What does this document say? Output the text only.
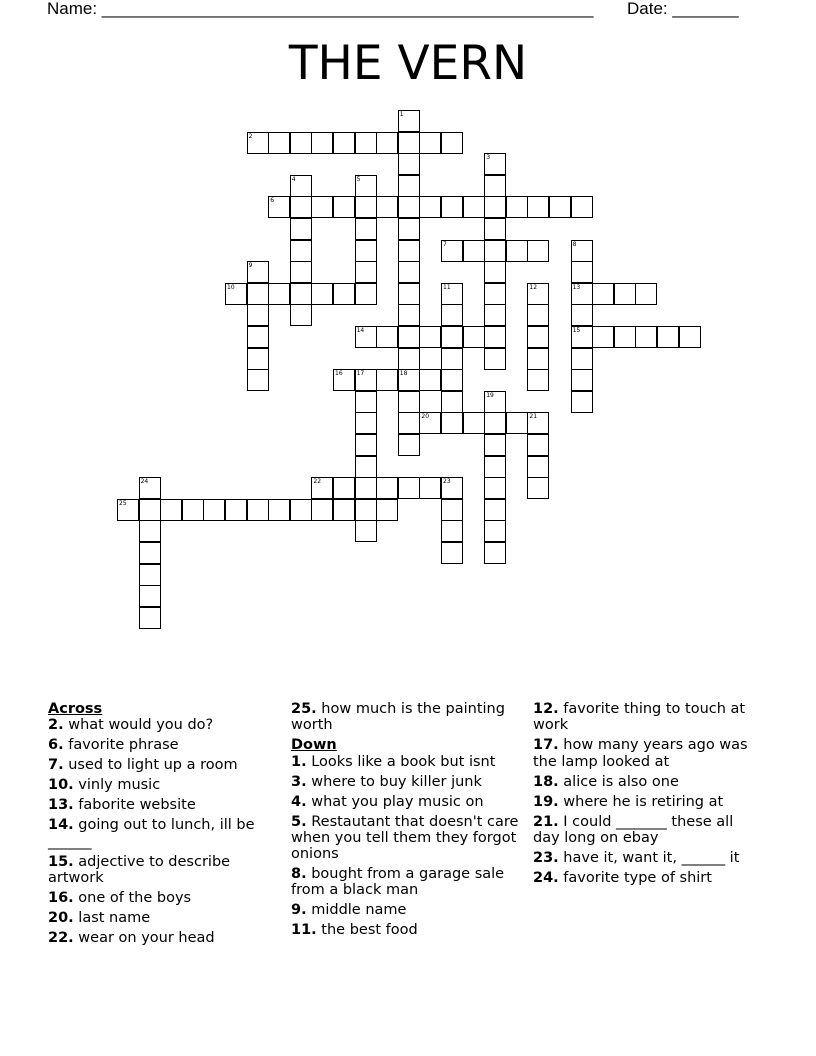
Name: ____________________________________________________ Date: _______
THE VERN
2
6
7
10	13
14	15
16 17	18
20
22	23
25
1
3
4	5
8
9
11	12
19
21
24

Across

2. what would you do?

6. favorite phrase

7. used to light up a room

10. vinly music

13. faborite website

14. going out to lunch, ill be ______

15. adjective to describe artwork

16. one of the boys

20. last name

22. wear on your head

25. how much is the painting worth

Down

1. Looks like a book but isnt

3. where to buy killer junk

4. what you play music on

5. Restautant that doesn't care when you tell them they forgot onions

8. bought from a garage sale from a black man

9. middle name

11. the best food

12. favorite thing to touch at work

17. how many years ago was the lamp looked at

18. alice is also one

19. where he is retiring at

21. I could _______ these all day long on ebay

23. have it, want it, ______ it

24. favorite type of shirt
